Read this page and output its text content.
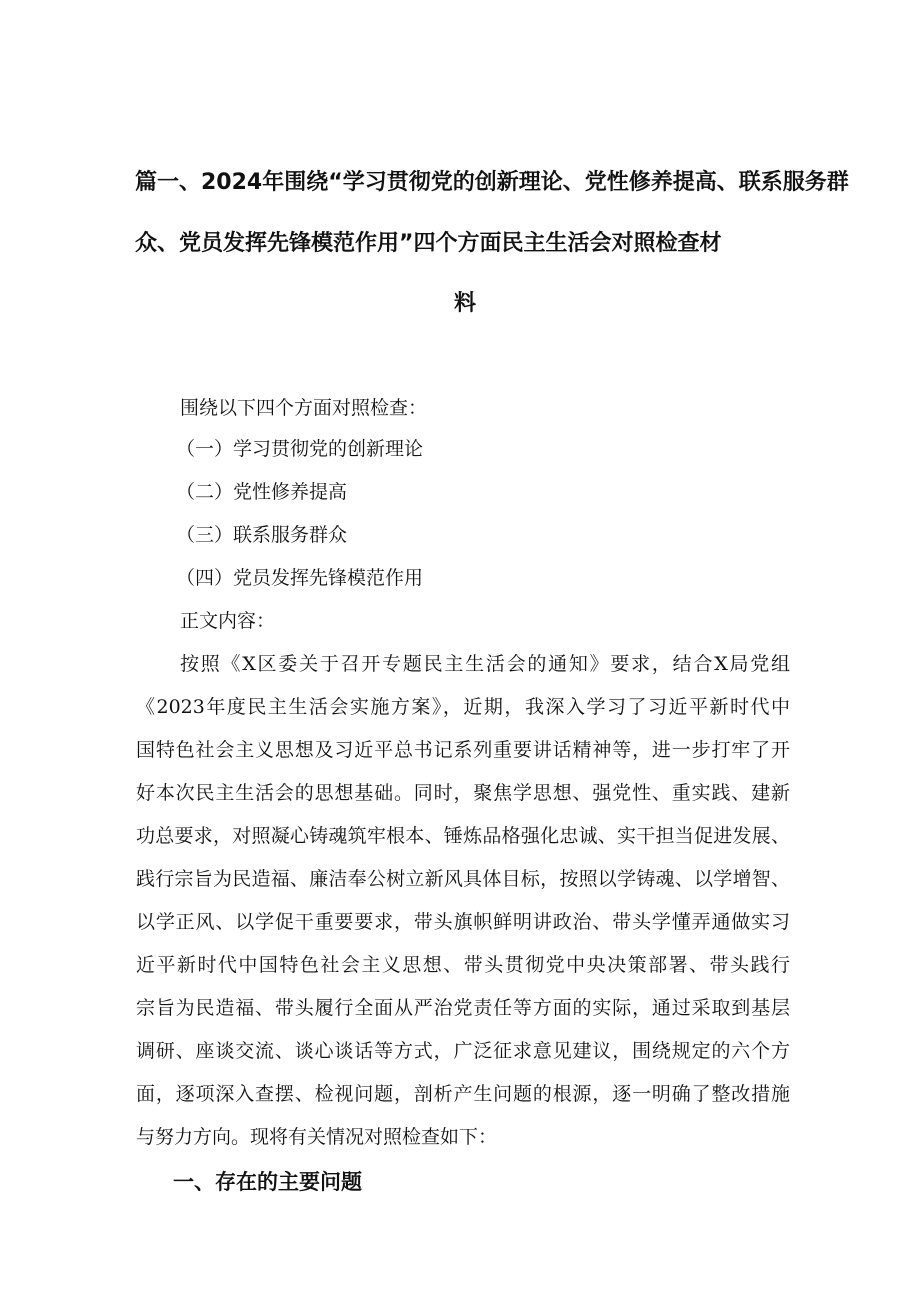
篇一、2024年围绕“学习贯彻党的创新理论、党性修养提高、联系服务群
众、党员发挥先锋模范作用”四个方面民主生活会对照检查材
料
围绕以下四个方面对照检查：
（一）学习贯彻党的创新理论
（二）党性修养提高
（三）联系服务群众
（四）党员发挥先锋模范作用
正文内容：
按照《X区委关于召开专题民主生活会的通知》要求，结合X局党组
《2023年度民主生活会实施方案》，近期，我深入学习了习近平新时代中
国特色社会主义思想及习近平总书记系列重要讲话精神等，进一步打牢了开
好本次民主生活会的思想基础。同时，聚焦学思想、强党性、重实践、建新
功总要求，对照凝心铸魂筑牢根本、锤炼品格强化忠诚、实干担当促进发展、
践行宗旨为民造福、廉洁奉公树立新风具体目标，按照以学铸魂、以学增智、
以学正风、以学促干重要要求，带头旗帜鲜明讲政治、带头学懂弄通做实习
近平新时代中国特色社会主义思想、带头贯彻党中央决策部署、带头践行
宗旨为民造福、带头履行全面从严治党责任等方面的实际，通过采取到基层
调研、座谈交流、谈心谈话等方式，广泛征求意见建议，围绕规定的六个方
面，逐项深入查摆、检视问题，剖析产生问题的根源，逐一明确了整改措施
与努力方向。现将有关情况对照检查如下：
一、存在的主要问题
